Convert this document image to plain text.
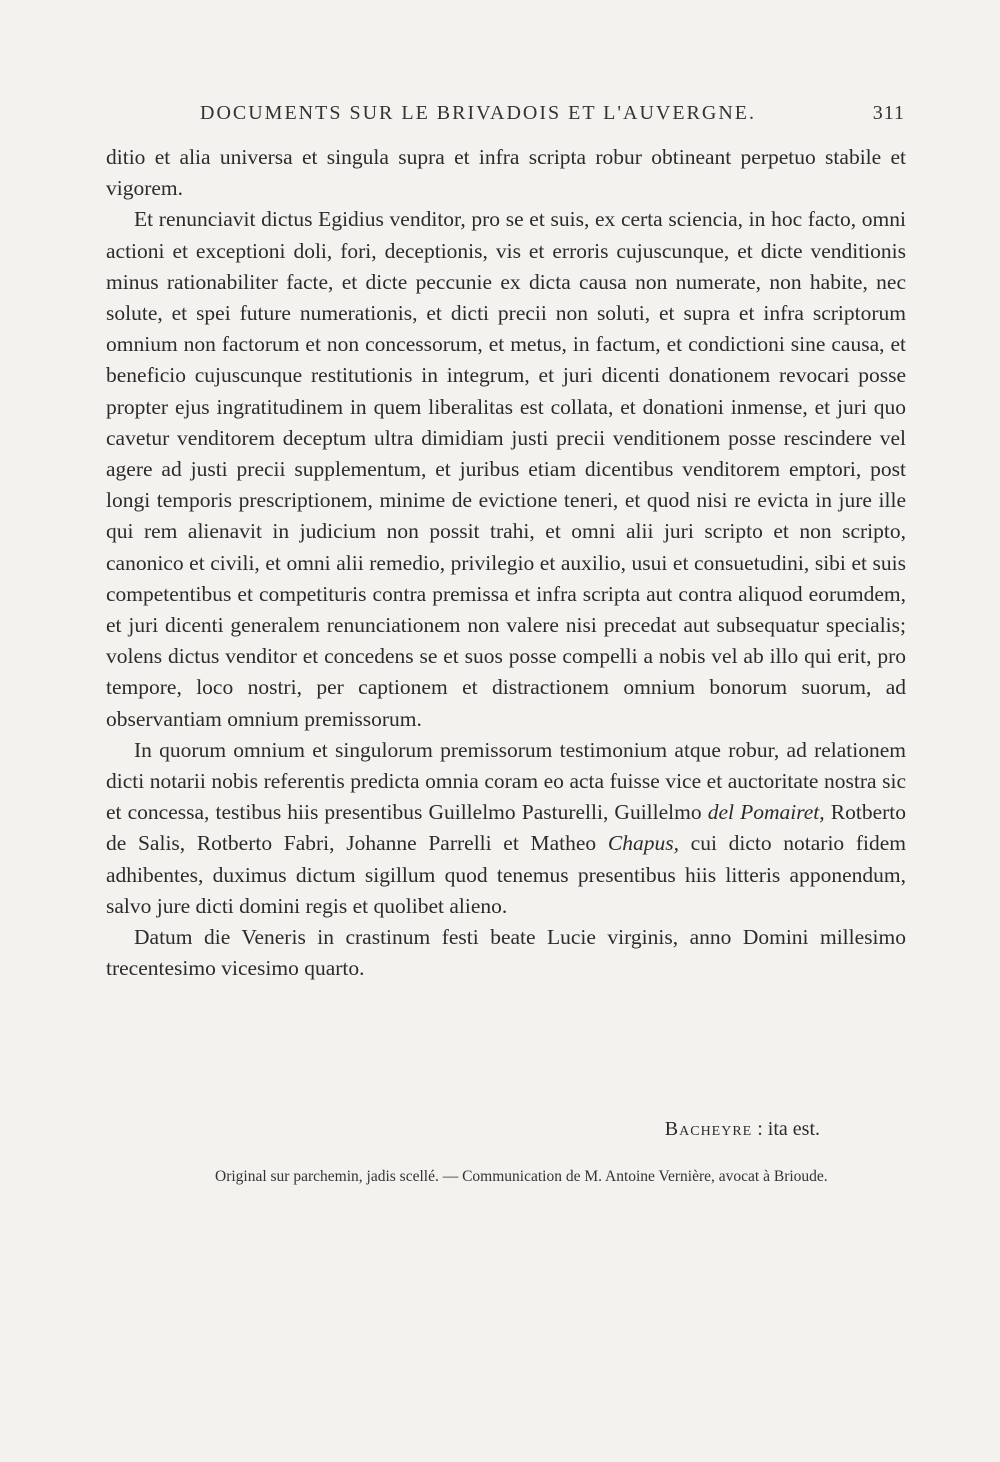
DOCUMENTS SUR LE BRIVADOIS ET L'AUVERGNE.	311

ditio et alia universa et singula supra et infra scripta robur obtineant perpetuo stabile et vigorem.

Et renunciavit dictus Egidius venditor, pro se et suis, ex certa sciencia, in hoc facto, omni actioni et exceptioni doli, fori, deceptionis, vis et erroris cujuscunque, et dicte venditionis minus rationabiliter facte, et dicte peccunie ex dicta causa non numerate, non habite, nec solute, et spei future numerationis, et dicti precii non soluti, et supra et infra scriptorum omnium non factorum et non concessorum, et metus, in factum, et condictioni sine causa, et beneficio cujuscunque restitutionis in integrum, et juri dicenti donationem revocari posse propter ejus ingratitudinem in quem liberalitas est collata, et donationi inmense, et juri quo cavetur venditorem deceptum ultra dimidiam justi precii venditionem posse rescindere vel agere ad justi precii supplementum, et juribus etiam dicentibus venditorem emptori, post longi temporis prescriptionem, minime de evictione teneri, et quod nisi re evicta in jure ille qui rem alienavit in judicium non possit trahi, et omni alii juri scripto et non scripto, canonico et civili, et omni alii remedio, privilegio et auxilio, usui et consuetudini, sibi et suis competentibus et competituris contra premissa et infra scripta aut contra aliquod eorumdem, et juri dicenti generalem renunciationem non valere nisi precedat aut subsequatur specialis; volens dictus venditor et concedens se et suos posse compelli a nobis vel ab illo qui erit, pro tempore, loco nostri, per captionem et distractionem omnium bonorum suorum, ad observantiam omnium premissorum.

In quorum omnium et singulorum premissorum testimonium atque robur, ad relationem dicti notarii nobis referentis predicta omnia coram eo acta fuisse vice et auctoritate nostra sic et concessa, testibus hiis presentibus Guillelmo Pasturelli, Guillelmo del Pomairet, Rotberto de Salis, Rotberto Fabri, Johanne Parrelli et Matheo Chapus, cui dicto notario fidem adhibentes, duximus dictum sigillum quod tenemus presentibus hiis litteris apponendum, salvo jure dicti domini regis et quolibet alieno.

Datum die Veneris in crastinum festi beate Lucie virginis, anno Domini millesimo trecentesimo vicesimo quarto.

Bacheyre : ita est.
Original sur parchemin, jadis scellé. — Communication de M. Antoine Vernière, avocat à Brioude.
